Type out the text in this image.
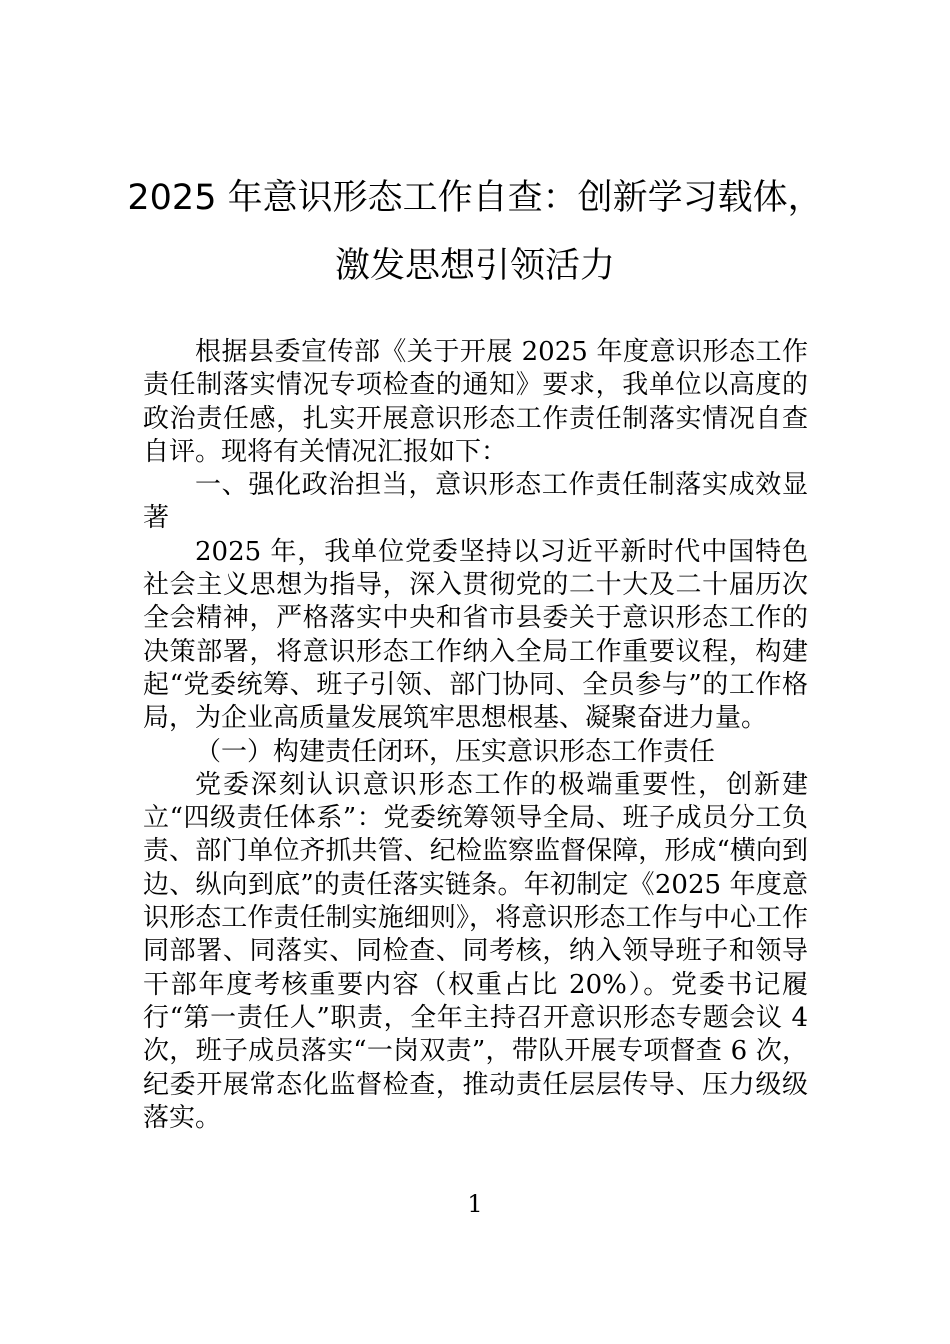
2025 年意识形态工作自查：创新学习载体，
激发思想引领活力

根据县委宣传部《关于开展 2025 年度意识形态工作责任制落实情况专项检查的通知》要求，我单位以高度的政治责任感，扎实开展意识形态工作责任制落实情况自查自评。现将有关情况汇报如下：

一、强化政治担当，意识形态工作责任制落实成效显著

2025 年，我单位党委坚持以习近平新时代中国特色社会主义思想为指导，深入贯彻党的二十大及二十届历次全会精神，严格落实中央和省市县委关于意识形态工作的决策部署，将意识形态工作纳入全局工作重要议程，构建起“党委统筹、班子引领、部门协同、全员参与”的工作格局，为企业高质量发展筑牢思想根基、凝聚奋进力量。

（一）构建责任闭环，压实意识形态工作责任

党委深刻认识意识形态工作的极端重要性，创新建立“四级责任体系”：党委统筹领导全局、班子成员分工负责、部门单位齐抓共管、纪检监察监督保障，形成“横向到边、纵向到底”的责任落实链条。年初制定《2025 年度意识形态工作责任制实施细则》，将意识形态工作与中心工作同部署、同落实、同检查、同考核，纳入领导班子和领导干部年度考核重要内容（权重占比 20%）。党委书记履行“第一责任人”职责，全年主持召开意识形态专题会议 4 次，班子成员落实“一岗双责”，带队开展专项督查 6 次，纪委开展常态化监督检查，推动责任层层传导、压力级级落实。

1
